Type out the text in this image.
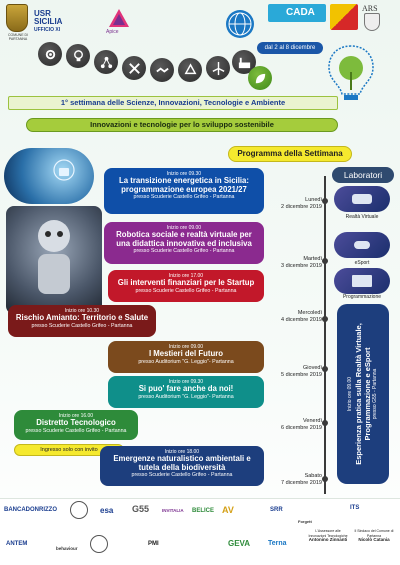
COMUNE DI PARTANNA
USR
SICILIA
UFFICIO XI	Apice
CADA	ARS
dal 2 al 8 dicembre
1° settimana delle Scienze, Innovazioni, Tecnologie e Ambiente
Innovazioni e tecnologie per lo sviluppo sostenibile
Programma della Settimana
Laboratori
Lunedì
2 dicembre 2019
Martedì
3 dicembre 2019
Mercoledì
4 dicembre 2019
Giovedì
5 dicembre 2019
Venerdì
6 dicembre 2019
Sabato
7 dicembre 2019
Inizio ore 09.30
La transizione energetica in Sicilia: programmazione europea 2021/27
presso Scuderie Castello Grifeo - Partanna
Inizio ore 09.00
Robotica sociale e realtà virtuale per una didattica innovativa ed inclusiva
presso Scuderie Castello Grifeo - Partanna
Inizio ore 17.00
Gli interventi finanziari per le Startup
presso Scuderie Castello Grifeo - Partanna
Inizio ore 10.30
Rischio Amianto: Territorio e Salute
presso Scuderie Castello Grifeo - Partanna
Inizio ore 09.00
I Mestieri del Futuro
presso Auditorium "G. Leggio"- Partanna
Inizio ore 09.30
Si puo' fare anche da noi!
presso Auditorium "G. Leggio"- Partanna
Inizio ore 16.00
Distretto Tecnologico
presso Scuderie Castello Grifeo - Partanna
Ingresso solo con invito	Inizio ore 18.00
Emergenze naturalistico ambientali e tutela della biodiversità
presso Scuderie Castello Grifeo - Partanna
Realtà Virtuale
eSport
Programmazione
Inizio ore 09.00 Esperienza pratica sulla Realtà Virtuale, Programmazione e eSport presso G55 - Partanna
BANCADONRIZZO	esa G55	INVITALIA BELICE AV	SRR
Forgett
ITS
ANTEM
behaviour
PMI	GEVA	Terna
L'Assessore alle Innovazioni Tecnologiche
Antonino Zinnanti
Il Sindaco del Comune di Partanna
Nicolò Catania
